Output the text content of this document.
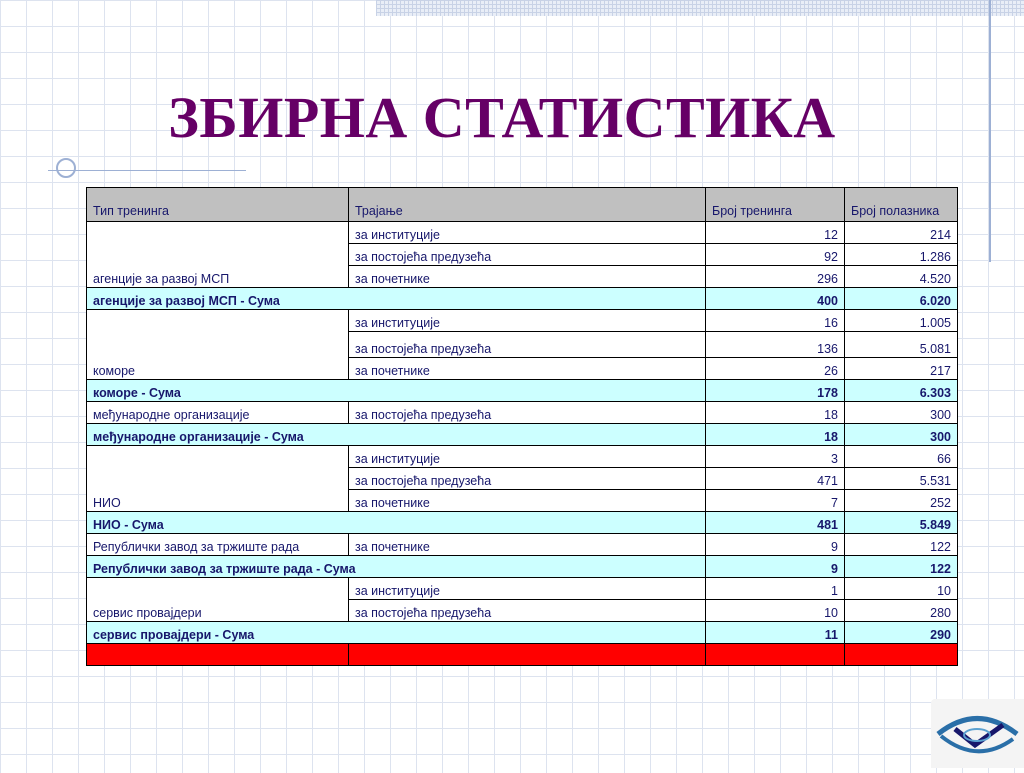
ЗБИРНА СТАТИСТИКА
Тип тренинга	Трајање	Број тренинга	Број полазника
агенције за развој МСП	за институције	12	214
	за постојећа предузећа	92	1.286
	за почетнике	296	4.520
агенције за развој МСП - Сума		400	6.020
коморе	за институције	16	1.005
	за постојећа предузећа	136	5.081
	за почетнике	26	217
коморе - Сума		178	6.303
међународне организације	за постојећа предузећа	18	300
међународне организације - Сума		18	300
НИО	за институције	3	66
	за постојећа предузећа	471	5.531
	за почетнике	7	252
НИО - Сума		481	5.849
Републички завод за тржиште рада	за почетнике	9	122
Републички завод за тржиште рада - Сума		9	122
сервис провајдери	за институције	1	10
	за постојећа предузећа	10	280
сервис провајдери - Сума		11	290
Укупно		1.097	18.884
